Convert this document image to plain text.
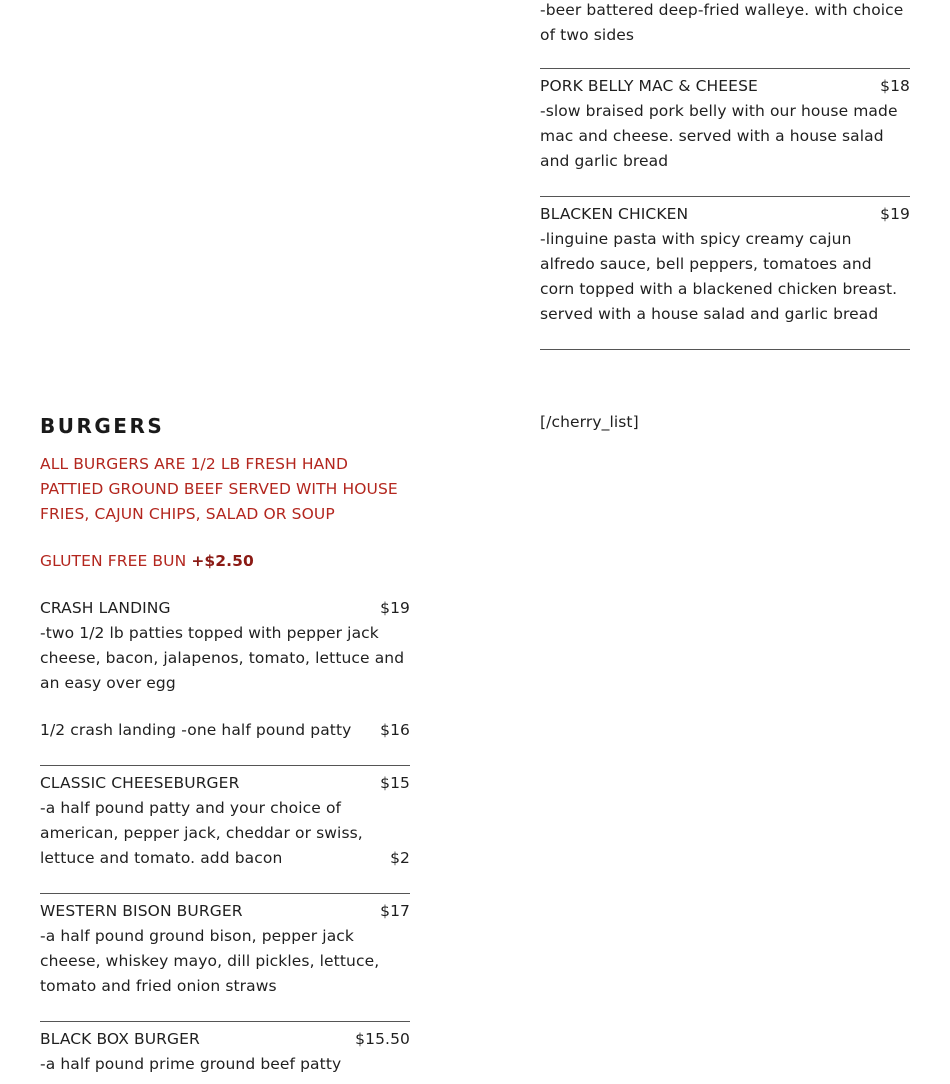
-beer battered deep-fried walleye. with choice of two sides
PORK BELLY MAC & CHEESE	$18
-slow braised pork belly with our house made mac and cheese. served with a house salad and garlic bread
BLACKEN CHICKEN	$19
-linguine pasta with spicy creamy cajun alfredo sauce, bell peppers, tomatoes and corn topped with a blackened chicken breast. served with a house salad and garlic bread
[/cherry_list]
BURGERS
ALL BURGERS ARE 1/2 LB FRESH HAND PATTIED GROUND BEEF SERVED WITH HOUSE FRIES, CAJUN CHIPS, SALAD OR SOUP
GLUTEN FREE BUN +$2.50
CRASH LANDING	$19
-two 1/2 lb patties topped with pepper jack cheese, bacon, jalapenos, tomato, lettuce and an easy over egg
1/2 crash landing -one half pound patty $16
CLASSIC CHEESEBURGER	$15
-a half pound patty and your choice of american, pepper jack, cheddar or swiss,
lettuce and tomato. add bacon	$2
WESTERN BISON BURGER	$17
-a half pound ground bison, pepper jack cheese, whiskey mayo, dill pickles, lettuce, tomato and fried onion straws
BLACK BOX BURGER	$15.50
-a half pound prime ground beef patty
